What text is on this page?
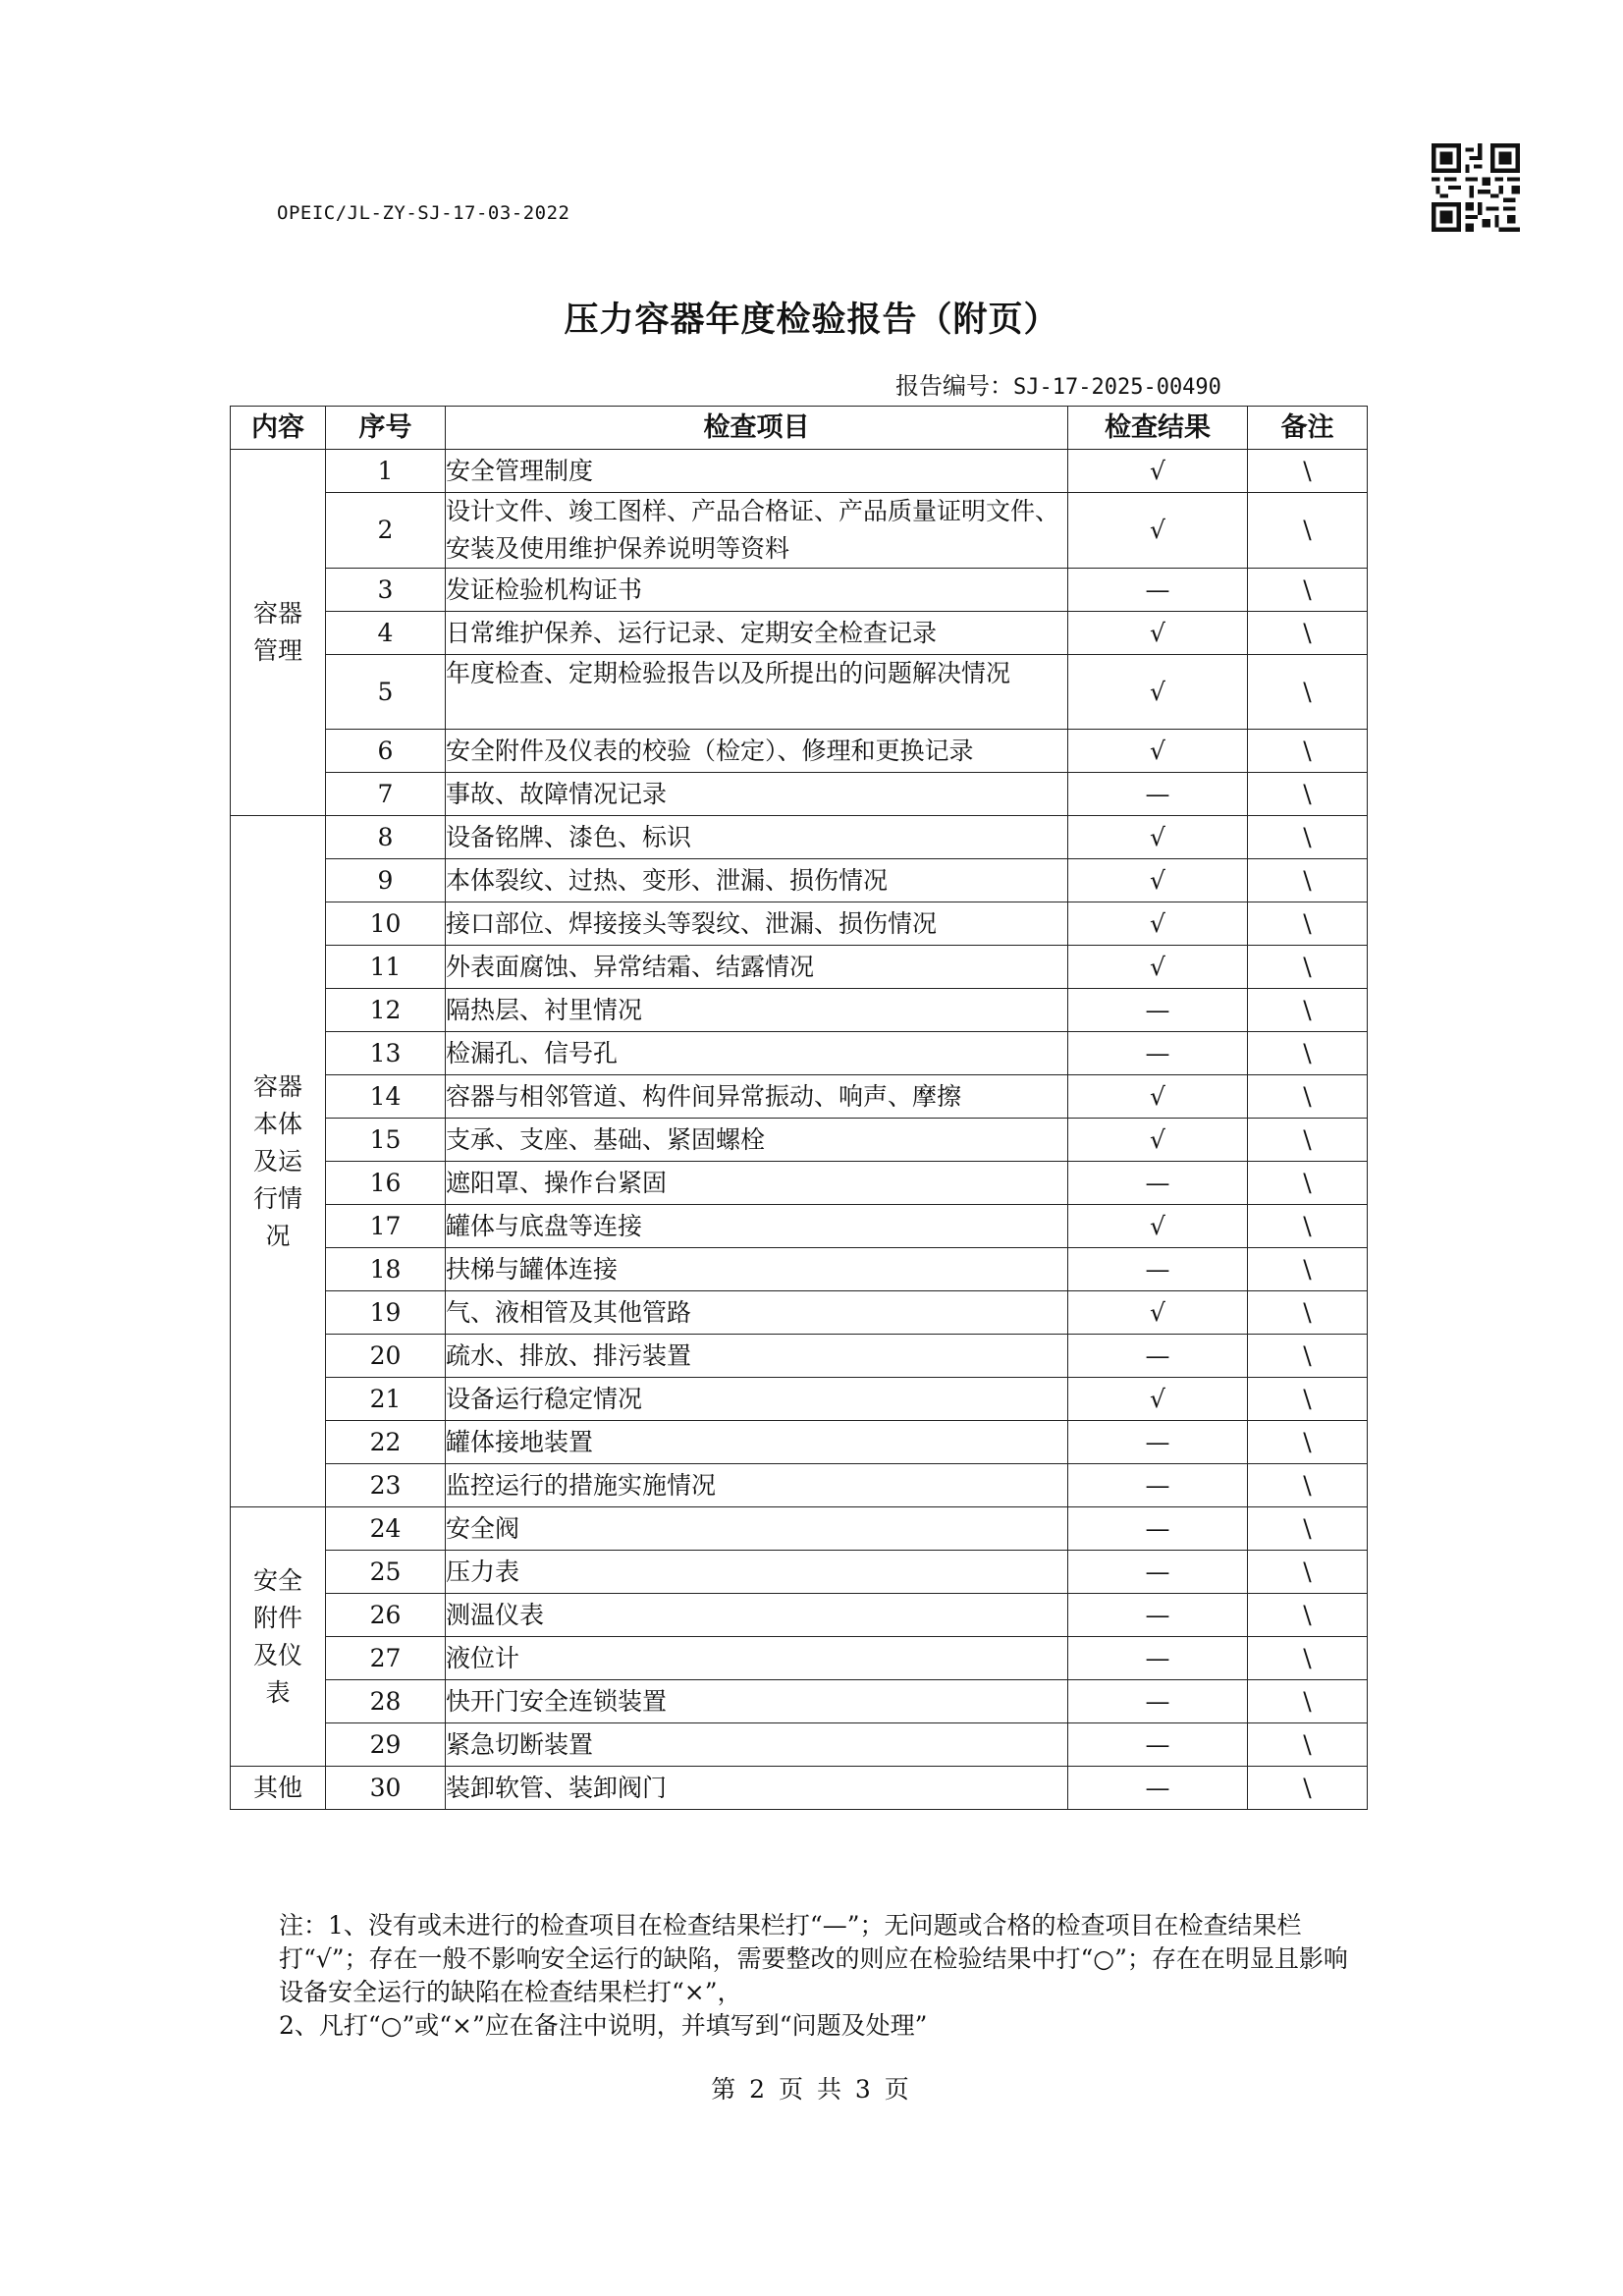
OPEIC/JL-ZY-SJ-17-03-2022
压力容器年度检验报告（附页）
报告编号：SJ-17-2025-00490
内容	序号	检查项目	检查结果	备注

容器
管理	1	安全管理制度	√	\
	2	设计文件、竣工图样、产品合格证、产品质量证明文件、安装及使用维护保养说明等资料	√	\
	3	发证检验机构证书	—	\
	4	日常维护保养、运行记录、定期安全检查记录	√	\
	5	年度检查、定期检验报告以及所提出的问题解决情况	√	\
	6	安全附件及仪表的校验（检定）、修理和更换记录	√	\
	7	事故、故障情况记录	—	\

容器
本体
及运
行情
况	8	设备铭牌、漆色、标识	√	\
	9	本体裂纹、过热、变形、泄漏、损伤情况	√	\
	10	接口部位、焊接接头等裂纹、泄漏、损伤情况	√	\
	11	外表面腐蚀、异常结霜、结露情况	√	\
	12	隔热层、衬里情况	—	\
	13	检漏孔、信号孔	—	\
	14	容器与相邻管道、构件间异常振动、响声、摩擦	√	\
	15	支承、支座、基础、紧固螺栓	√	\
	16	遮阳罩、操作台紧固	—	\
	17	罐体与底盘等连接	√	\
	18	扶梯与罐体连接	—	\
	19	气、液相管及其他管路	√	\
	20	疏水、排放、排污装置	—	\
	21	设备运行稳定情况	√	\
	22	罐体接地装置	—	\
	23	监控运行的措施实施情况	—	\

安全
附件
及仪
表	24	安全阀	—	\
	25	压力表	—	\
	26	测温仪表	—	\
	27	液位计	—	\
	28	快开门安全连锁装置	—	\
	29	紧急切断装置	—	\

其他	30	装卸软管、装卸阀门	—	\

注：1、没有或未进行的检查项目在检查结果栏打“—”；无问题或合格的检查项目在检查结果栏打“√”；存在一般不影响安全运行的缺陷，需要整改的则应在检验结果中打“○”；存在在明显且影响设备安全运行的缺陷在检查结果栏打“×”，

2、凡打“○”或“×”应在备注中说明，并填写到“问题及处理”

第 2 页 共 3 页
